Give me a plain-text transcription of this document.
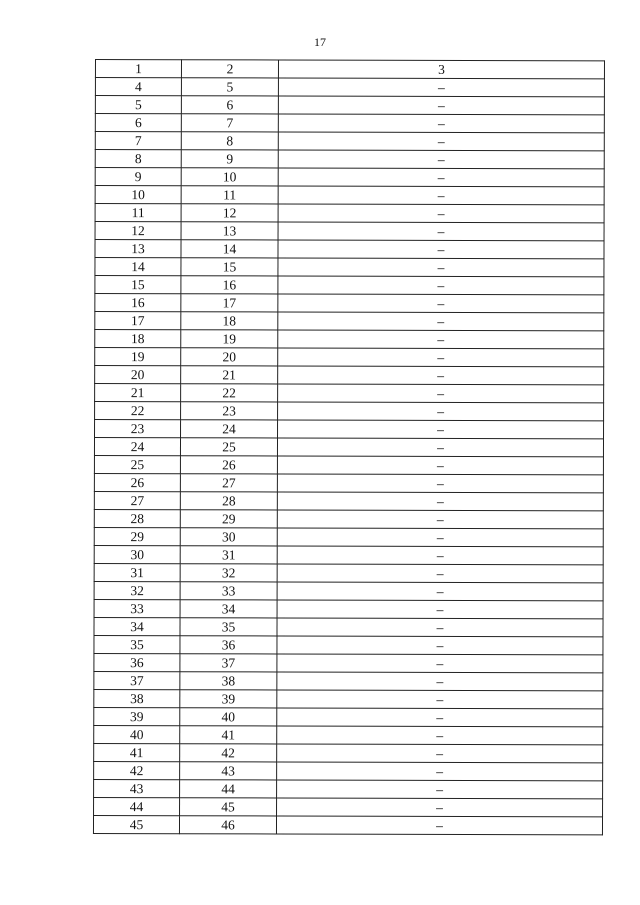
17
1	2	3
4	5	–
5	6	–
6	7	–
7	8	–
8	9	–
9	10	–
10	11	–
11	12	–
12	13	–
13	14	–
14	15	–
15	16	–
16	17	–
17	18	–
18	19	–
19	20	–
20	21	–
21	22	–
22	23	–
23	24	–
24	25	–
25	26	–
26	27	–
27	28	–
28	29	–
29	30	–
30	31	–
31	32	–
32	33	–
33	34	–
34	35	–
35	36	–
36	37	–
37	38	–
38	39	–
39	40	–
40	41	–
41	42	–
42	43	–
43	44	–
44	45	–
45	46	–
